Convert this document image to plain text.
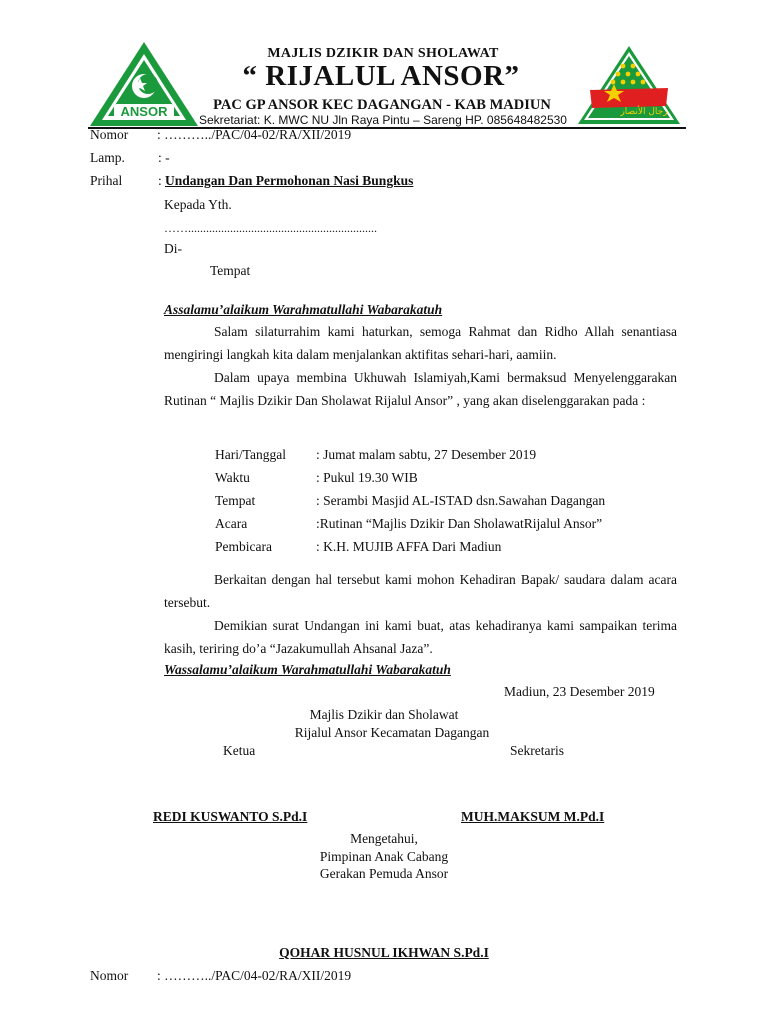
ANSOR	رجال الأنصار
MAJLIS DZIKIR DAN SHOLAWAT
“ RIJALUL ANSOR”
PAC GP ANSOR KEC DAGANGAN - KAB MADIUN
Sekretariat: K. MWC NU Jln Raya Pintu – Sareng HP. 085648482530
Nomor : ………../PAC/04-02/RA/XII/2019
Lamp. : -
Prihal	: Undangan Dan Permohonan Nasi Bungkus
Kepada Yth.
……...............................................................
Di-
Tempat
Assalamu’alaikum Warahmatullahi Wabarakatuh
Salam silaturrahim kami haturkan, semoga Rahmat dan Ridho Allah senantiasa mengiringi langkah kita dalam menjalankan aktifitas sehari-hari, aamiin.
Dalam upaya membina Ukhuwah Islamiyah,Kami bermaksud Menyelenggarakan Rutinan “ Majlis Dzikir Dan Sholawat Rijalul Ansor” , yang akan diselenggarakan pada :
Hari/Tanggal : Jumat malam sabtu, 27 Desember 2019
Waktu	: Pukul 19.30 WIB
Tempat	: Serambi Masjid AL-ISTAD dsn.Sawahan Dagangan
Acara	:Rutinan “Majlis Dzikir Dan SholawatRijalul Ansor”
Pembicara	: K.H. MUJIB AFFA Dari Madiun
Berkaitan dengan hal tersebut kami mohon Kehadiran Bapak/ saudara dalam acara tersebut.
Demikian surat Undangan ini kami buat, atas kehadiranya kami sampaikan terima kasih, teriring do’a “Jazakumullah Ahsanal Jaza”.
Wassalamu’alaikum Warahmatullahi Wabarakatuh
Madiun, 23 Desember 2019
Majlis Dzikir dan Sholawat
Rijalul Ansor Kecamatan Dagangan
Ketua	Sekretaris
REDI KUSWANTO S.Pd.I	MUH.MAKSUM M.Pd.I
Mengetahui,
Pimpinan Anak Cabang
Gerakan Pemuda Ansor
QOHAR HUSNUL IKHWAN S.Pd.I
Nomor : ………../PAC/04-02/RA/XII/2019
